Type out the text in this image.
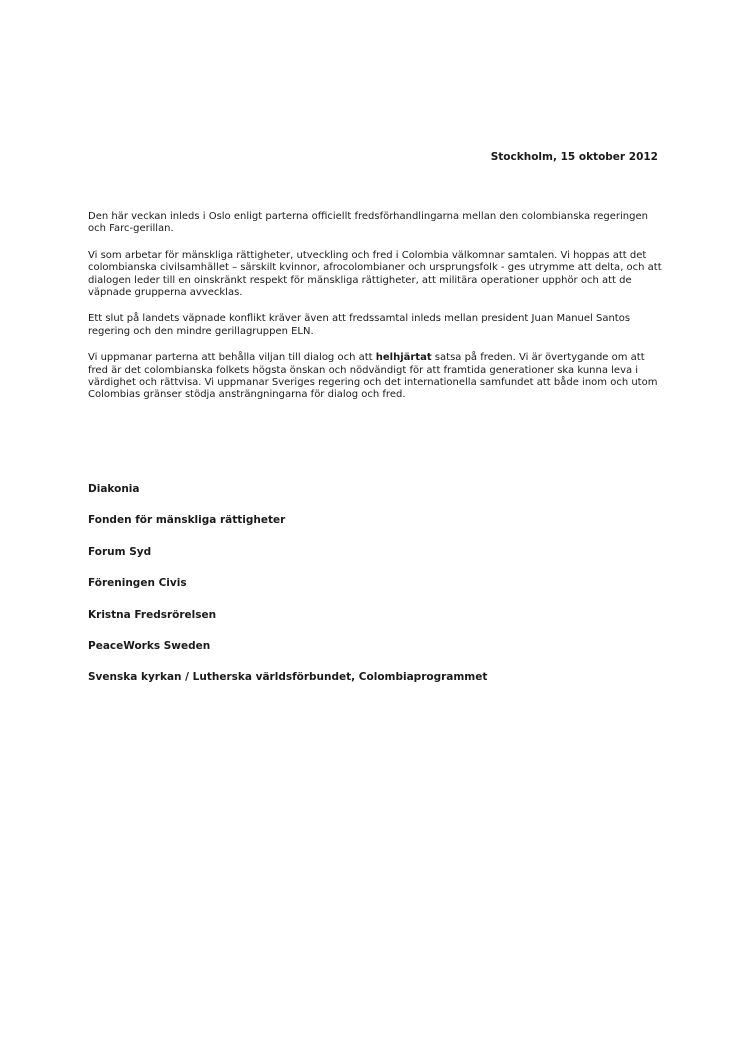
Stockholm, 15 oktober 2012

Den här veckan inleds i Oslo enligt parterna officiellt fredsförhandlingarna mellan den colombianska regeringen och Farc-gerillan.

Vi som arbetar för mänskliga rättigheter, utveckling och fred i Colombia välkomnar samtalen. Vi hoppas att det colombianska civilsamhället – särskilt kvinnor, afrocolombianer och ursprungsfolk - ges utrymme att delta, och att dialogen leder till en oinskränkt respekt för mänskliga rättigheter, att militära operationer upphör och att de väpnade grupperna avvecklas.

Ett slut på landets väpnade konflikt kräver även att fredssamtal inleds mellan president Juan Manuel Santos regering och den mindre gerillagruppen ELN.

Vi uppmanar parterna att behålla viljan till dialog och att helhjärtat satsa på freden. Vi är övertygande om att fred är det colombianska folkets högsta önskan och nödvändigt för att framtida generationer ska kunna leva i värdighet och rättvisa. Vi uppmanar Sveriges regering och det internationella samfundet att både inom och utom Colombias gränser stödja ansträngningarna för dialog och fred.

Diakonia
Fonden för mänskliga rättigheter
Forum Syd
Föreningen Civis
Kristna Fredsrörelsen
PeaceWorks Sweden
Svenska kyrkan / Lutherska världsförbundet, Colombiaprogrammet
